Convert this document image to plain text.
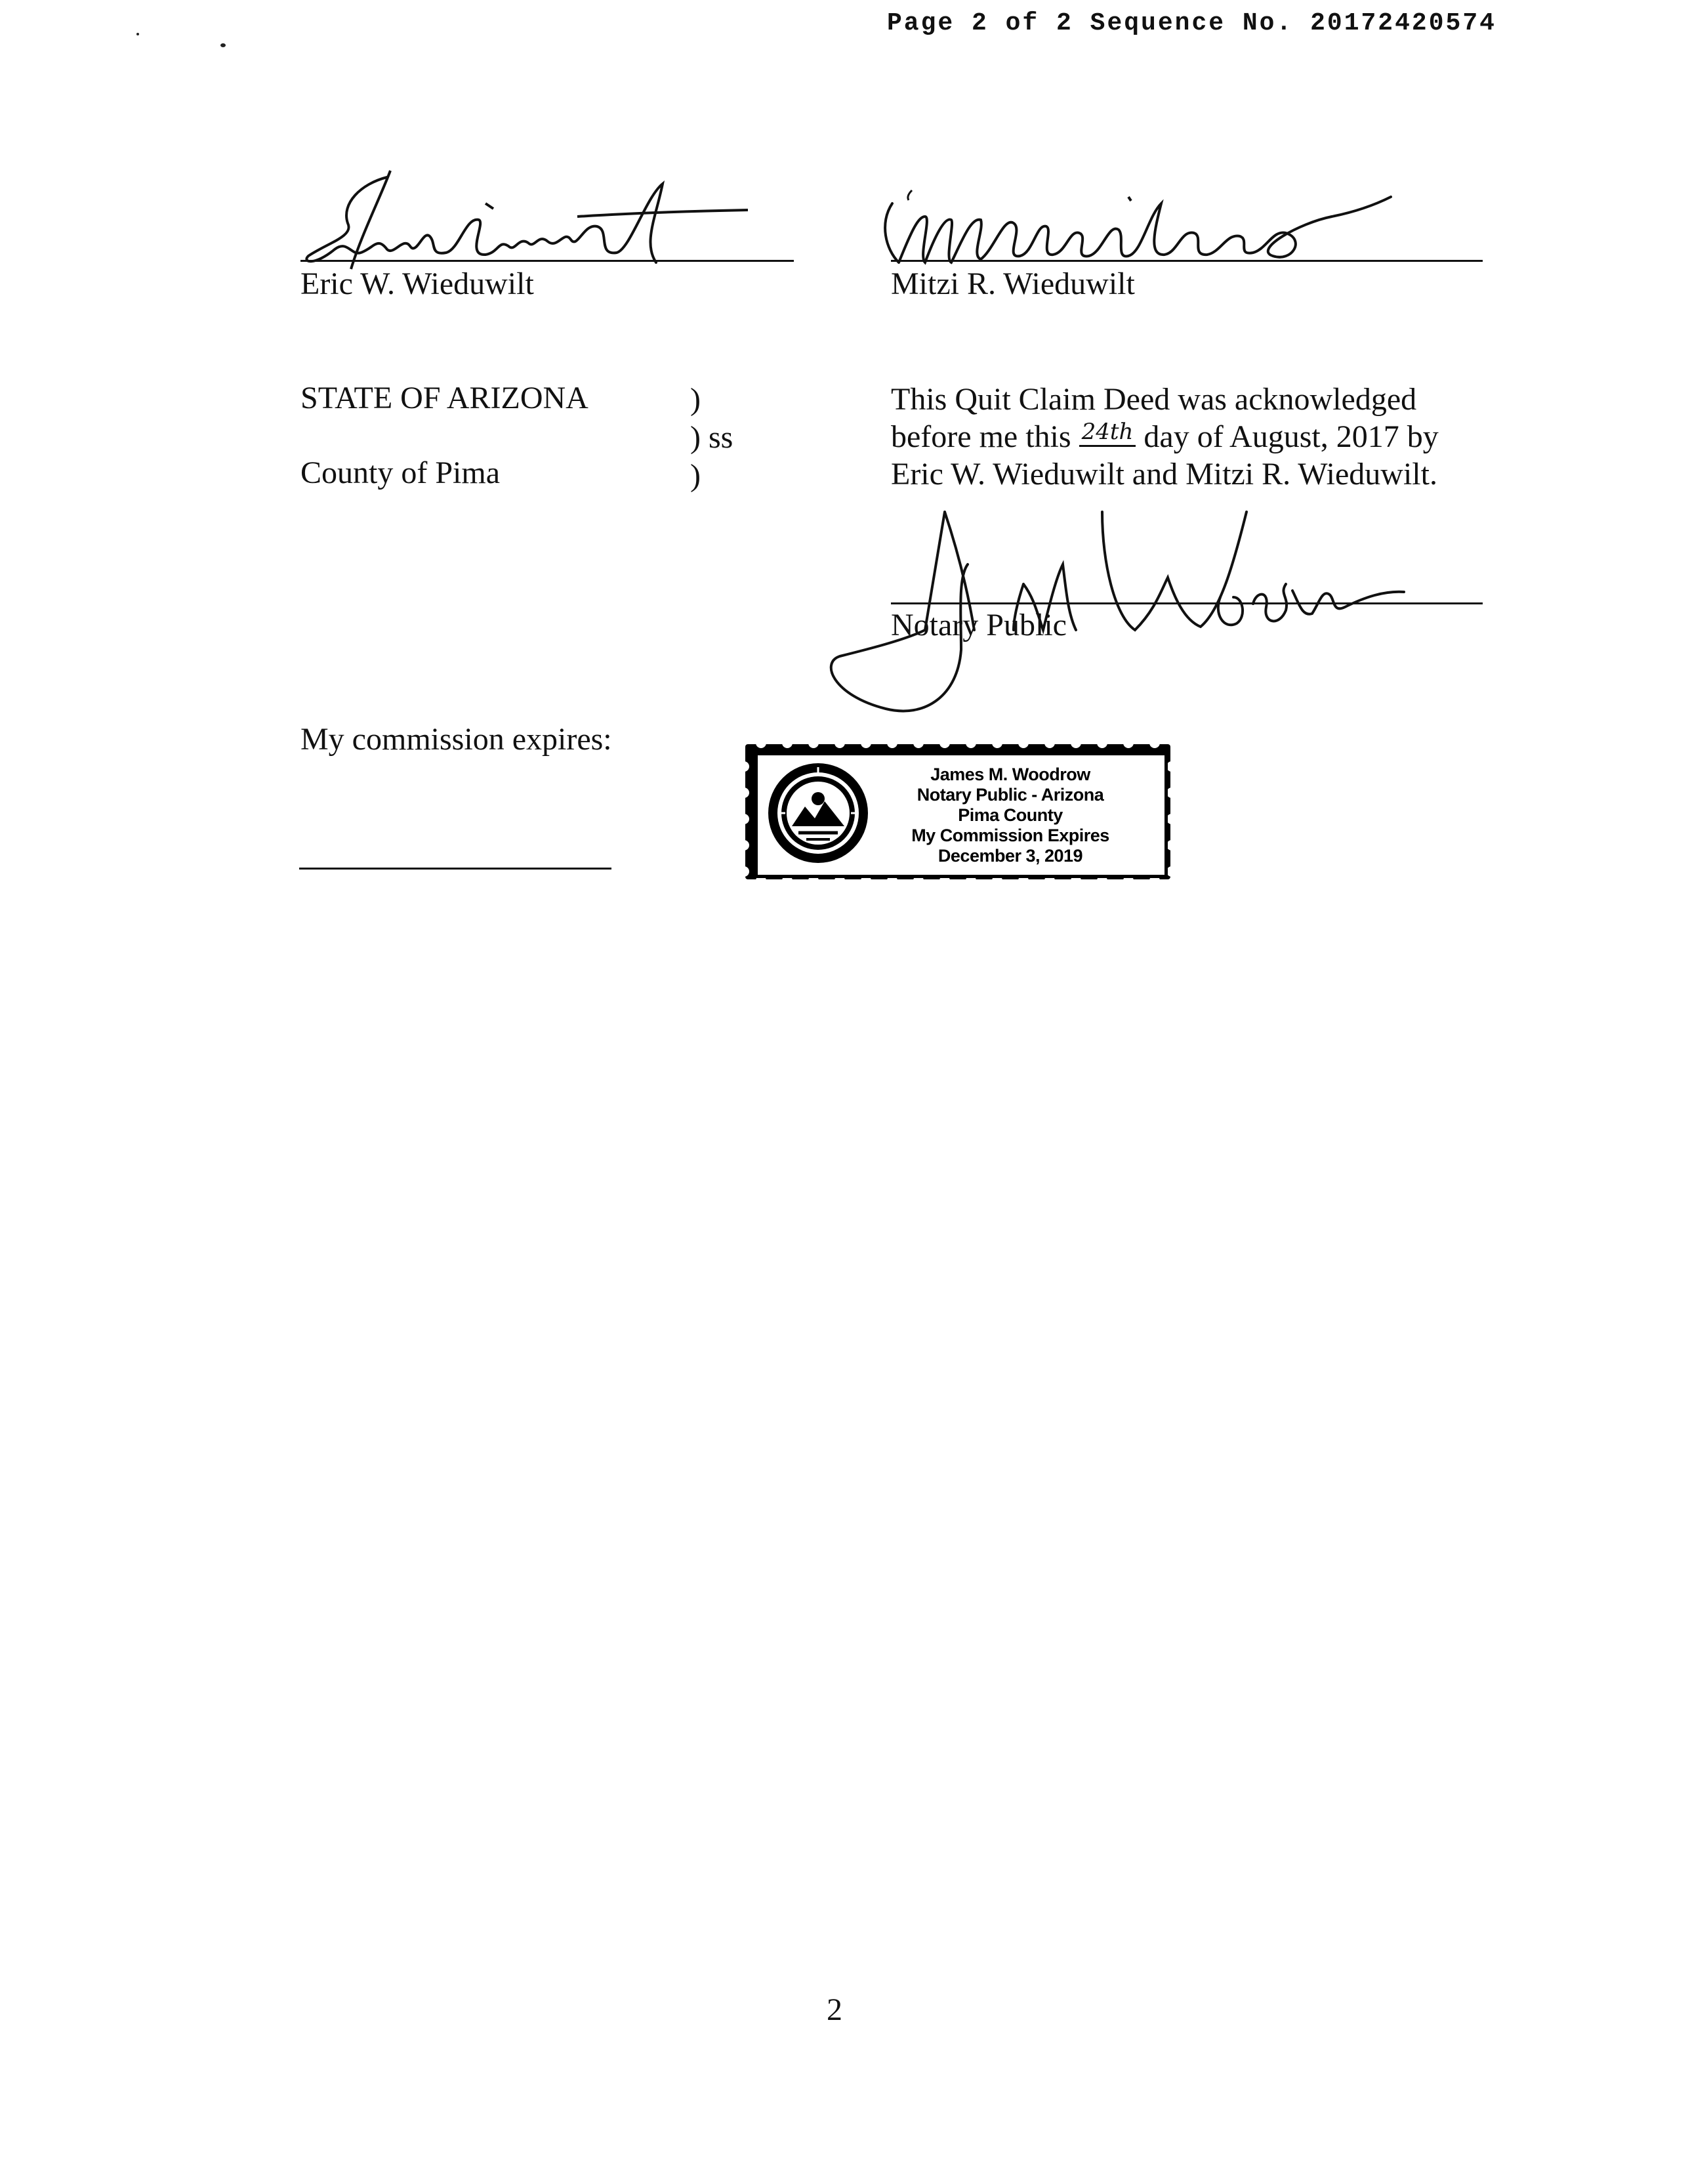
Page 2 of 2 Sequence No. 20172420574
Eric W. Wieduwilt	Mitzi R. Wieduwilt
STATE OF ARIZONA
County of Pima
)
) ss
)
This Quit Claim Deed was acknowledged
before me this $^{24th}$ day of August, 2017 by
Eric W. Wieduwilt and Mitzi R. Wieduwilt.
Notary Public
My commission expires:
James M. Woodrow
Notary Public - Arizona
Pima County
My Commission Expires
December 3, 2019
2
